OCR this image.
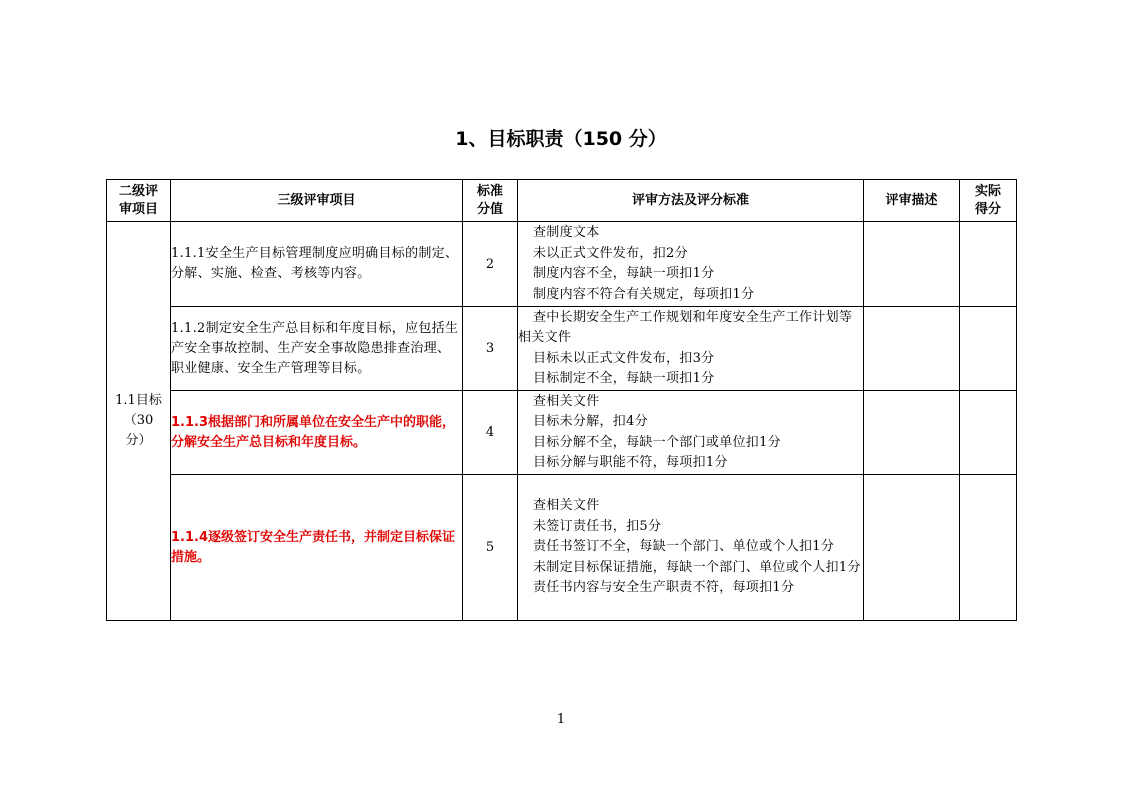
1、目标职责（150 分）
二级评审项目	三级评审项目	标准分值	评审方法及评分标准	评审描述	实际得分
1.1目标（30分）	1.1.1安全生产目标管理制度应明确目标的制定、分解、实施、检查、考核等内容。	2	查制度文本
未以正式文件发布，扣2分
制度内容不全，每缺一项扣1分
制度内容不符合有关规定，每项扣1分		

	1.1.2制定安全生产总目标和年度目标，应包括生产安全事故控制、生产安全事故隐患排查治理、职业健康、安全生产管理等目标。	3	查中长期安全生产工作规划和年度安全生产工作计划等相关文件
目标未以正式文件发布，扣3分
目标制定不全，每缺一项扣1分		

	1.1.3根据部门和所属单位在安全生产中的职能，分解安全生产总目标和年度目标。	4	查相关文件
目标未分解，扣4分
目标分解不全，每缺一个部门或单位扣1分
目标分解与职能不符，每项扣1分		

	1.1.4逐级签订安全生产责任书，并制定目标保证措施。	5	查相关文件
未签订责任书，扣5分
责任书签订不全，每缺一个部门、单位或个人扣1分
未制定目标保证措施，每缺一个部门、单位或个人扣1分
责任书内容与安全生产职责不符，每项扣1分		

1
